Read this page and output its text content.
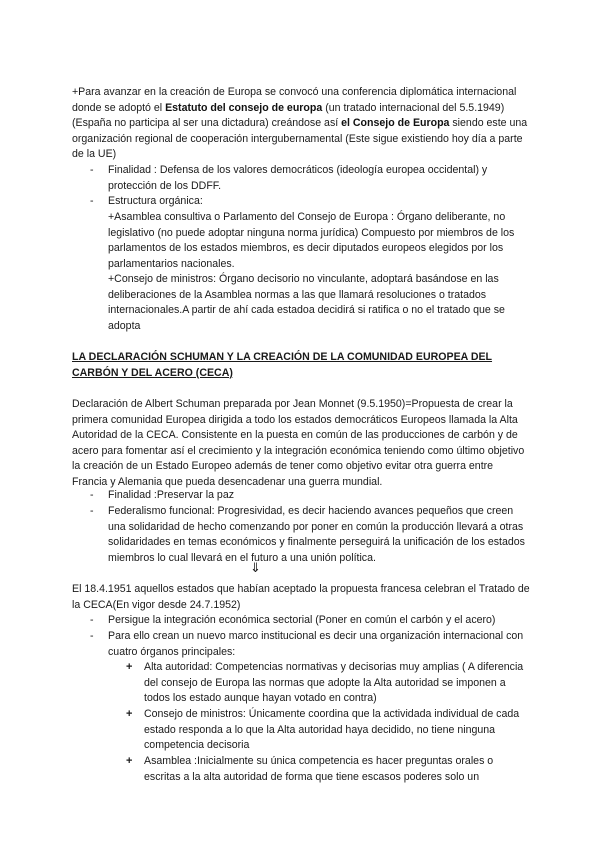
+Para avanzar en la creación de Europa se convocó una conferencia diplomática internacional donde se adoptó el Estatuto del consejo de europa (un tratado internacional del 5.5.1949)(España no participa al ser una dictadura) creándose así el Consejo de Europa siendo este una organización regional de cooperación intergubernamental (Este sigue existiendo hoy día a parte de la UE)

- Finalidad : Defensa de los valores democráticos (ideología europea occidental) y protección de los DDFF.

- Estructura orgánica:

+Asamblea consultiva o Parlamento del Consejo de Europa : Órgano deliberante, no legislativo (no puede adoptar ninguna norma jurídica) Compuesto por miembros de los parlamentos de los estados miembros, es decir diputados europeos elegidos por los parlamentarios nacionales.

+Consejo de ministros: Órgano decisorio no vinculante, adoptará basándose en las deliberaciones de la Asamblea normas a las que llamará resoluciones o tratados internacionales.A partir de ahí cada estadoa decidirá si ratifica o no el tratado que se adopta

LA DECLARACIÓN SCHUMAN Y LA CREACIÓN DE LA COMUNIDAD EUROPEA DEL CARBÓN Y DEL ACERO (CECA)

Declaración de Albert Schuman preparada por Jean Monnet (9.5.1950)=Propuesta de crear la primera comunidad Europea dirigida a todo los estados democráticos Europeos llamada la Alta Autoridad de la CECA. Consistente en la puesta en común de las producciones de carbón y de acero para fomentar así el crecimiento y la integración económica teniendo como último objetivo la creación de un Estado Europeo además de tener como objetivo evitar otra guerra entre Francia y Alemania que pueda desencadenar una guerra mundial.

- Finalidad :Preservar la paz

- Federalismo funcional: Progresividad, es decir haciendo avances pequeños que creen una solidaridad de hecho comenzando por poner en común la producción llevará a otras solidaridades en temas económicos y finalmente perseguirá la unificación de los estados miembros lo cual llevará en el futuro a una unión política.

⇓

El 18.4.1951 aquellos estados que habían aceptado la propuesta francesa celebran el Tratado de la CECA(En vigor desde 24.7.1952)

- Persigue la integración económica sectorial (Poner en común el carbón y el acero)

- Para ello crean un nuevo marco institucional es decir una organización internacional con cuatro órganos principales:

+ Alta autoridad: Competencias normativas y decisorias muy amplias ( A diferencia del consejo de Europa las normas que adopte la Alta autoridad se imponen a todos los estado aunque hayan votado en contra)

+ Consejo de ministros: Únicamente coordina que la actividada individual de cada estado responda a lo que la Alta autoridad haya decidido, no tiene ninguna competencia decisoria

+ Asamblea :Inicialmente su única competencia es hacer preguntas orales o escritas a la alta autoridad de forma que tiene escasos poderes solo un
